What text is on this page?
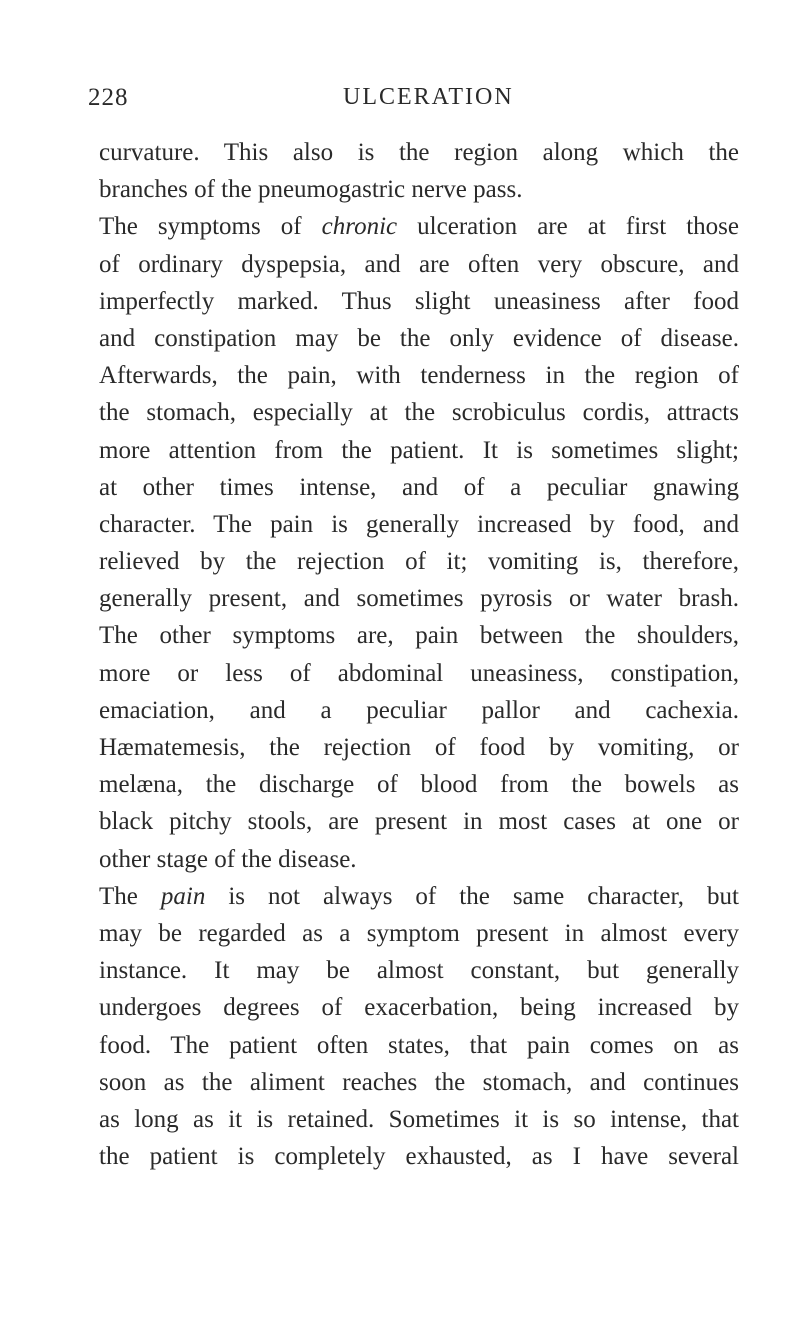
228	ULCERATION
curvature. This also is the region along which the
branches of the pneumogastric nerve pass.
The symptoms of chronic ulceration are at first those
of ordinary dyspepsia, and are often very obscure, and
imperfectly marked. Thus slight uneasiness after food
and constipation may be the only evidence of disease.
Afterwards, the pain, with tenderness in the region of
the stomach, especially at the scrobiculus cordis, attracts
more attention from the patient. It is sometimes slight;
at other times intense, and of a peculiar gnawing
character. The pain is generally increased by food, and
relieved by the rejection of it; vomiting is, therefore,
generally present, and sometimes pyrosis or water brash.
The other symptoms are, pain between the shoulders,
more or less of abdominal uneasiness, constipation,
emaciation, and a peculiar pallor and cachexia.
Hæmatemesis, the rejection of food by vomiting, or
melæna, the discharge of blood from the bowels as
black pitchy stools, are present in most cases at one or
other stage of the disease.
The pain is not always of the same character, but
may be regarded as a symptom present in almost every
instance. It may be almost constant, but generally
undergoes degrees of exacerbation, being increased by
food. The patient often states, that pain comes on as
soon as the aliment reaches the stomach, and continues
as long as it is retained. Sometimes it is so intense, that
the patient is completely exhausted, as I have several
